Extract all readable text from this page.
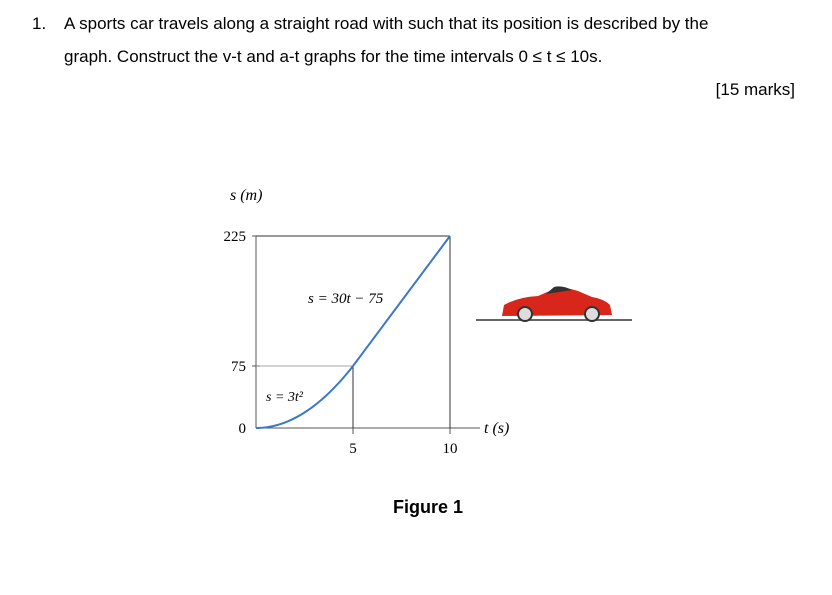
1. A sports car travels along a straight road with such that its position is described by the
graph. Construct the v-t and a-t graphs for the time intervals 0 ≤ t ≤ 10s.
[15 marks]
s (m)
t (s)
225
75
0
5	10
s = 30t − 75
s = 3t²
Figure 1
